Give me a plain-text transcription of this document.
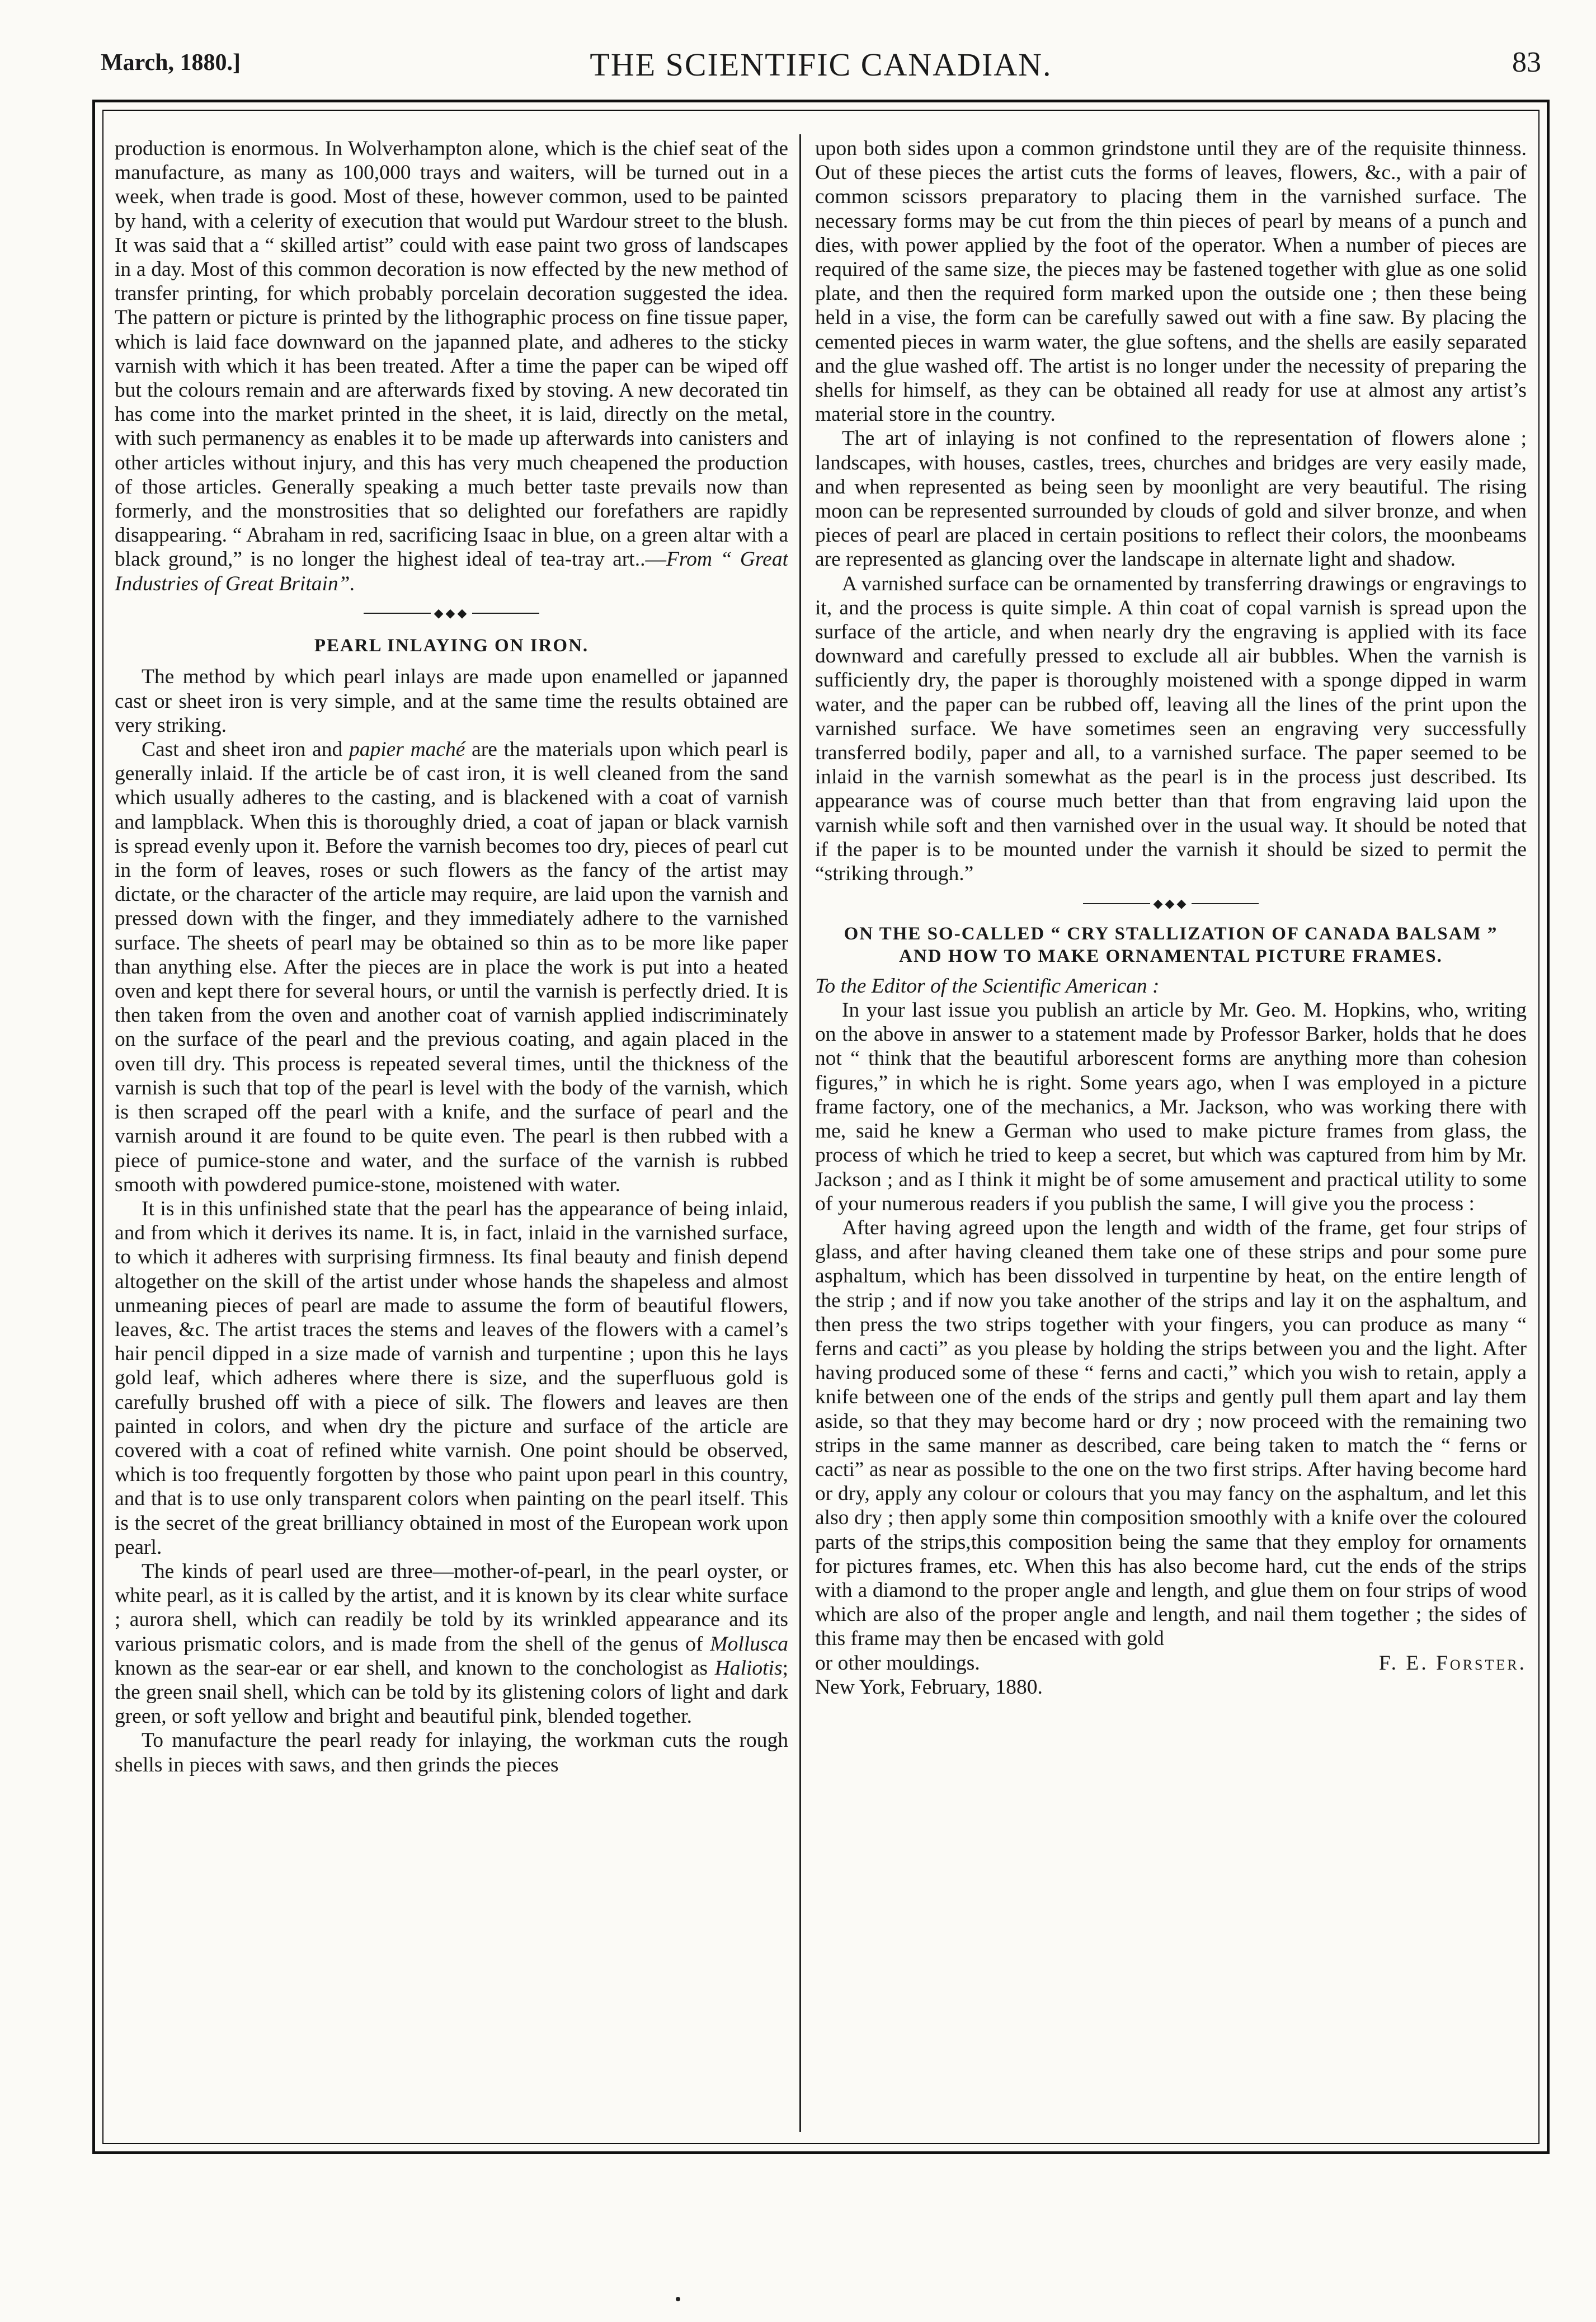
March, 1880.]	THE SCIENTIFIC CANADIAN.	83

production is enormous. In Wolverhampton alone, which is the chief seat of the manufacture, as many as 100,000 trays and waiters, will be turned out in a week, when trade is good. Most of these, however common, used to be painted by hand, with a celerity of execution that would put Wardour street to the blush. It was said that a “ skilled artist” could with ease paint two gross of landscapes in a day. Most of this common decoration is now effected by the new method of transfer printing, for which probably porcelain decoration suggested the idea. The pattern or picture is printed by the lithographic process on fine tissue paper, which is laid face downward on the japanned plate, and adheres to the sticky varnish with which it has been treated. After a time the paper can be wiped off but the colours remain and are afterwards fixed by stoving. A new decorated tin has come into the market printed in the sheet, it is laid, directly on the metal, with such permanency as enables it to be made up afterwards into canisters and other articles without injury, and this has very much cheapened the production of those articles. Generally speaking a much better taste prevails now than formerly, and the monstrosities that so delighted our forefathers are rapidly disappearing. “ Abraham in red, sacrificing Isaac in blue, on a green altar with a black ground,” is no longer the highest ideal of tea-tray art..—From “ Great Industries of Great Britain”.

◆◆◆
PEARL INLAYING ON IRON.

The method by which pearl inlays are made upon enamelled or japanned cast or sheet iron is very simple, and at the same time the results obtained are very striking.

Cast and sheet iron and papier maché are the materials upon which pearl is generally inlaid. If the article be of cast iron, it is well cleaned from the sand which usually adheres to the casting, and is blackened with a coat of varnish and lampblack. When this is thoroughly dried, a coat of japan or black varnish is spread evenly upon it. Before the varnish becomes too dry, pieces of pearl cut in the form of leaves, roses or such flowers as the fancy of the artist may dictate, or the character of the article may require, are laid upon the varnish and pressed down with the finger, and they immediately adhere to the varnished surface. The sheets of pearl may be obtained so thin as to be more like paper than anything else. After the pieces are in place the work is put into a heated oven and kept there for several hours, or until the varnish is perfectly dried. It is then taken from the oven and another coat of varnish applied indiscriminately on the surface of the pearl and the previous coating, and again placed in the oven till dry. This process is repeated several times, until the thickness of the varnish is such that top of the pearl is level with the body of the varnish, which is then scraped off the pearl with a knife, and the surface of pearl and the varnish around it are found to be quite even. The pearl is then rubbed with a piece of pumice-stone and water, and the surface of the varnish is rubbed smooth with powdered pumice-stone, moistened with water.

It is in this unfinished state that the pearl has the appearance of being inlaid, and from which it derives its name. It is, in fact, inlaid in the varnished surface, to which it adheres with surprising firmness. Its final beauty and finish depend altogether on the skill of the artist under whose hands the shapeless and almost unmeaning pieces of pearl are made to assume the form of beautiful flowers, leaves, &c. The artist traces the stems and leaves of the flowers with a camel’s hair pencil dipped in a size made of varnish and turpentine ; upon this he lays gold leaf, which adheres where there is size, and the superfluous gold is carefully brushed off with a piece of silk. The flowers and leaves are then painted in colors, and when dry the picture and surface of the article are covered with a coat of refined white varnish. One point should be observed, which is too frequently forgotten by those who paint upon pearl in this country, and that is to use only transparent colors when painting on the pearl itself. This is the secret of the great brilliancy obtained in most of the European work upon pearl.

The kinds of pearl used are three—mother-of-pearl, in the pearl oyster, or white pearl, as it is called by the artist, and it is known by its clear white surface ; aurora shell, which can readily be told by its wrinkled appearance and its various prismatic colors, and is made from the shell of the genus of Mollusca known as the sear-ear or ear shell, and known to the conchologist as Haliotis; the green snail shell, which can be told by its glistening colors of light and dark green, or soft yellow and bright and beautiful pink, blended together.

To manufacture the pearl ready for inlaying, the workman cuts the rough shells in pieces with saws, and then grinds the pieces

upon both sides upon a common grindstone until they are of the requisite thinness. Out of these pieces the artist cuts the forms of leaves, flowers, &c., with a pair of common scissors preparatory to placing them in the varnished surface. The necessary forms may be cut from the thin pieces of pearl by means of a punch and dies, with power applied by the foot of the operator. When a number of pieces are required of the same size, the pieces may be fastened together with glue as one solid plate, and then the required form marked upon the outside one ; then these being held in a vise, the form can be carefully sawed out with a fine saw. By placing the cemented pieces in warm water, the glue softens, and the shells are easily separated and the glue washed off. The artist is no longer under the necessity of preparing the shells for himself, as they can be obtained all ready for use at almost any artist’s material store in the country.

The art of inlaying is not confined to the representation of flowers alone ; landscapes, with houses, castles, trees, churches and bridges are very easily made, and when represented as being seen by moonlight are very beautiful. The rising moon can be represented surrounded by clouds of gold and silver bronze, and when pieces of pearl are placed in certain positions to reflect their colors, the moonbeams are represented as glancing over the landscape in alternate light and shadow.

A varnished surface can be ornamented by transferring drawings or engravings to it, and the process is quite simple. A thin coat of copal varnish is spread upon the surface of the article, and when nearly dry the engraving is applied with its face downward and carefully pressed to exclude all air bubbles. When the varnish is sufficiently dry, the paper is thoroughly moistened with a sponge dipped in warm water, and the paper can be rubbed off, leaving all the lines of the print upon the varnished surface. We have sometimes seen an engraving very successfully transferred bodily, paper and all, to a varnished surface. The paper seemed to be inlaid in the varnish somewhat as the pearl is in the process just described. Its appearance was of course much better than that from engraving laid upon the varnish while soft and then varnished over in the usual way. It should be noted that if the paper is to be mounted under the varnish it should be sized to permit the “striking through.”

◆◆◆
ON THE SO-CALLED “ CRY STALLIZATION OF CANADA BALSAM ” AND HOW TO MAKE ORNAMENTAL PICTURE FRAMES.

To the Editor of the Scientific American :

In your last issue you publish an article by Mr. Geo. M. Hopkins, who, writing on the above in answer to a statement made by Professor Barker, holds that he does not “ think that the beautiful arborescent forms are anything more than cohesion figures,” in which he is right. Some years ago, when I was employed in a picture frame factory, one of the mechanics, a Mr. Jackson, who was working there with me, said he knew a German who used to make picture frames from glass, the process of which he tried to keep a secret, but which was captured from him by Mr. Jackson ; and as I think it might be of some amusement and practical utility to some of your numerous readers if you publish the same, I will give you the process :

After having agreed upon the length and width of the frame, get four strips of glass, and after having cleaned them take one of these strips and pour some pure asphaltum, which has been dissolved in turpentine by heat, on the entire length of the strip ; and if now you take another of the strips and lay it on the asphaltum, and then press the two strips together with your fingers, you can produce as many “ ferns and cacti” as you please by holding the strips between you and the light. After having produced some of these “ ferns and cacti,” which you wish to retain, apply a knife between one of the ends of the strips and gently pull them apart and lay them aside, so that they may become hard or dry ; now proceed with the remaining two strips in the same manner as described, care being taken to match the “ ferns or cacti” as near as possible to the one on the two first strips. After having become hard or dry, apply any colour or colours that you may fancy on the asphaltum, and let this also dry ; then apply some thin composition smoothly with a knife over the coloured parts of the strips,this composition being the same that they employ for ornaments for pictures frames, etc. When this has also become hard, cut the ends of the strips with a diamond to the proper angle and length, and glue them on four strips of wood which are also of the proper angle and length, and nail them together ; the sides of this frame may then be encased with gold

or other mouldings.	F. E. Forster.

New York, February, 1880.
